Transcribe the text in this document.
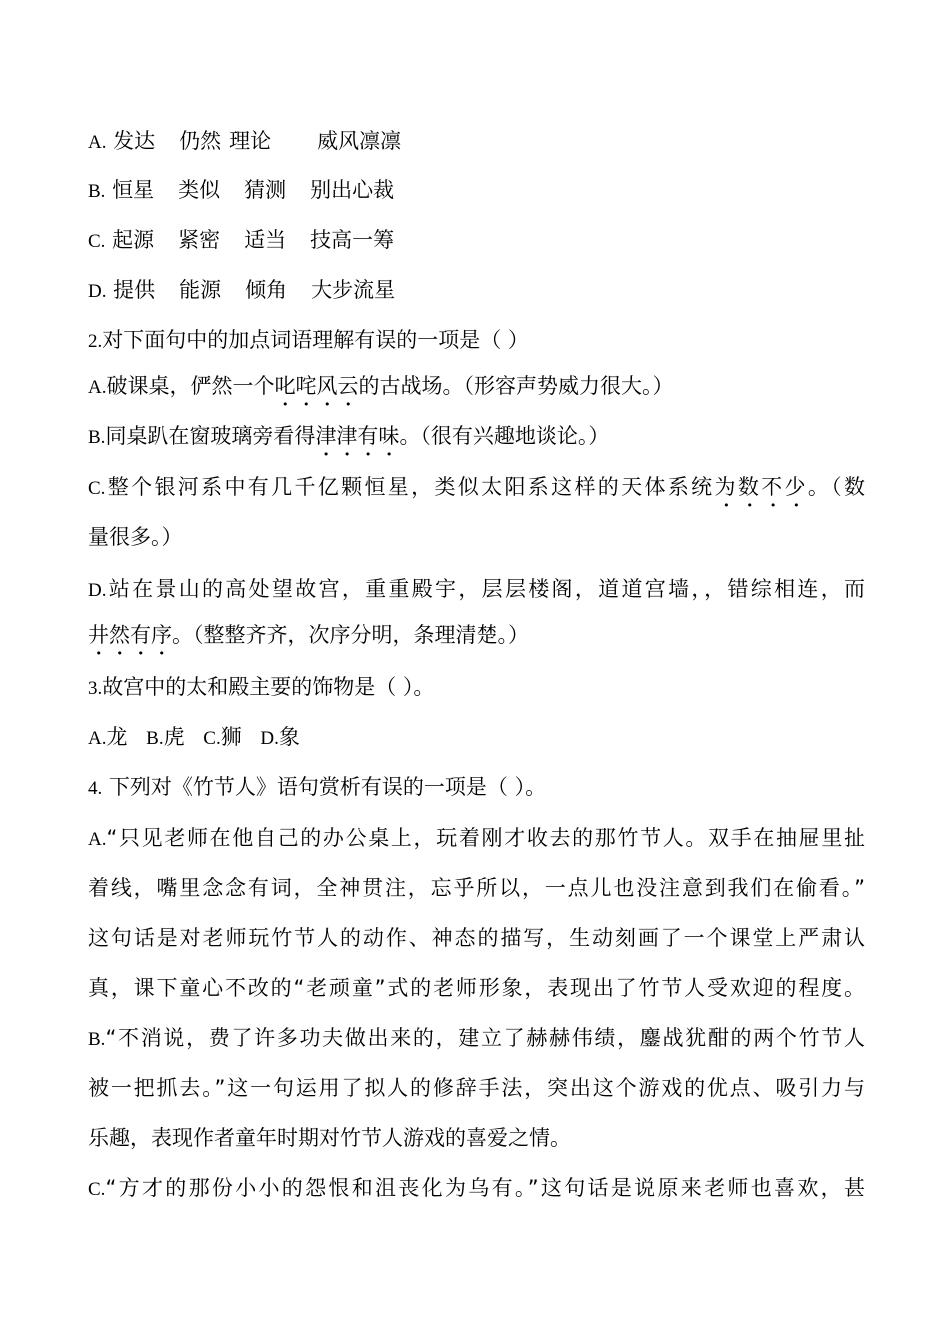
A. 发达 仍然 理论 威风凛凛
B. 恒星 类似 猜测 别出心裁
C. 起源 紧密 适当 技高一筹
D. 提供 能源 倾角 大步流星
2.对下面句中的加点词语理解有误的一项是（ ）
A.破课桌，俨然一个叱咤风云的古战场。（形容声势威力很大。）
B.同桌趴在窗玻璃旁看得津津有味。（很有兴趣地谈论。）
C.整个银河系中有几千亿颗恒星，类似太阳系这样的天体系统为数不少。（数
量很多。）
D.站在景山的高处望故宫，重重殿宇，层层楼阁，道道宫墙，，错综相连，而
井然有序。（整整齐齐，次序分明，条理清楚。）
3.故宫中的太和殿主要的饰物是（ ）。
A.龙 B.虎 C.狮 D.象
4. 下列对《竹节人》语句赏析有误的一项是（ ）。
A.“只见老师在他自己的办公桌上，玩着刚才收去的那竹节人。双手在抽屉里扯
着线，嘴里念念有词，全神贯注，忘乎所以，一点儿也没注意到我们在偷看。”
这句话是对老师玩竹节人的动作、神态的描写，生动刻画了一个课堂上严肃认
真，课下童心不改的“老顽童”式的老师形象，表现出了竹节人受欢迎的程度。
B.“不消说，费了许多功夫做出来的，建立了赫赫伟绩，鏖战犹酣的两个竹节人
被一把抓去。”这一句运用了拟人的修辞手法，突出这个游戏的优点、吸引力与
乐趣，表现作者童年时期对竹节人游戏的喜爱之情。
C.“方才的那份小小的怨恨和沮丧化为乌有。”这句话是说原来老师也喜欢，甚
